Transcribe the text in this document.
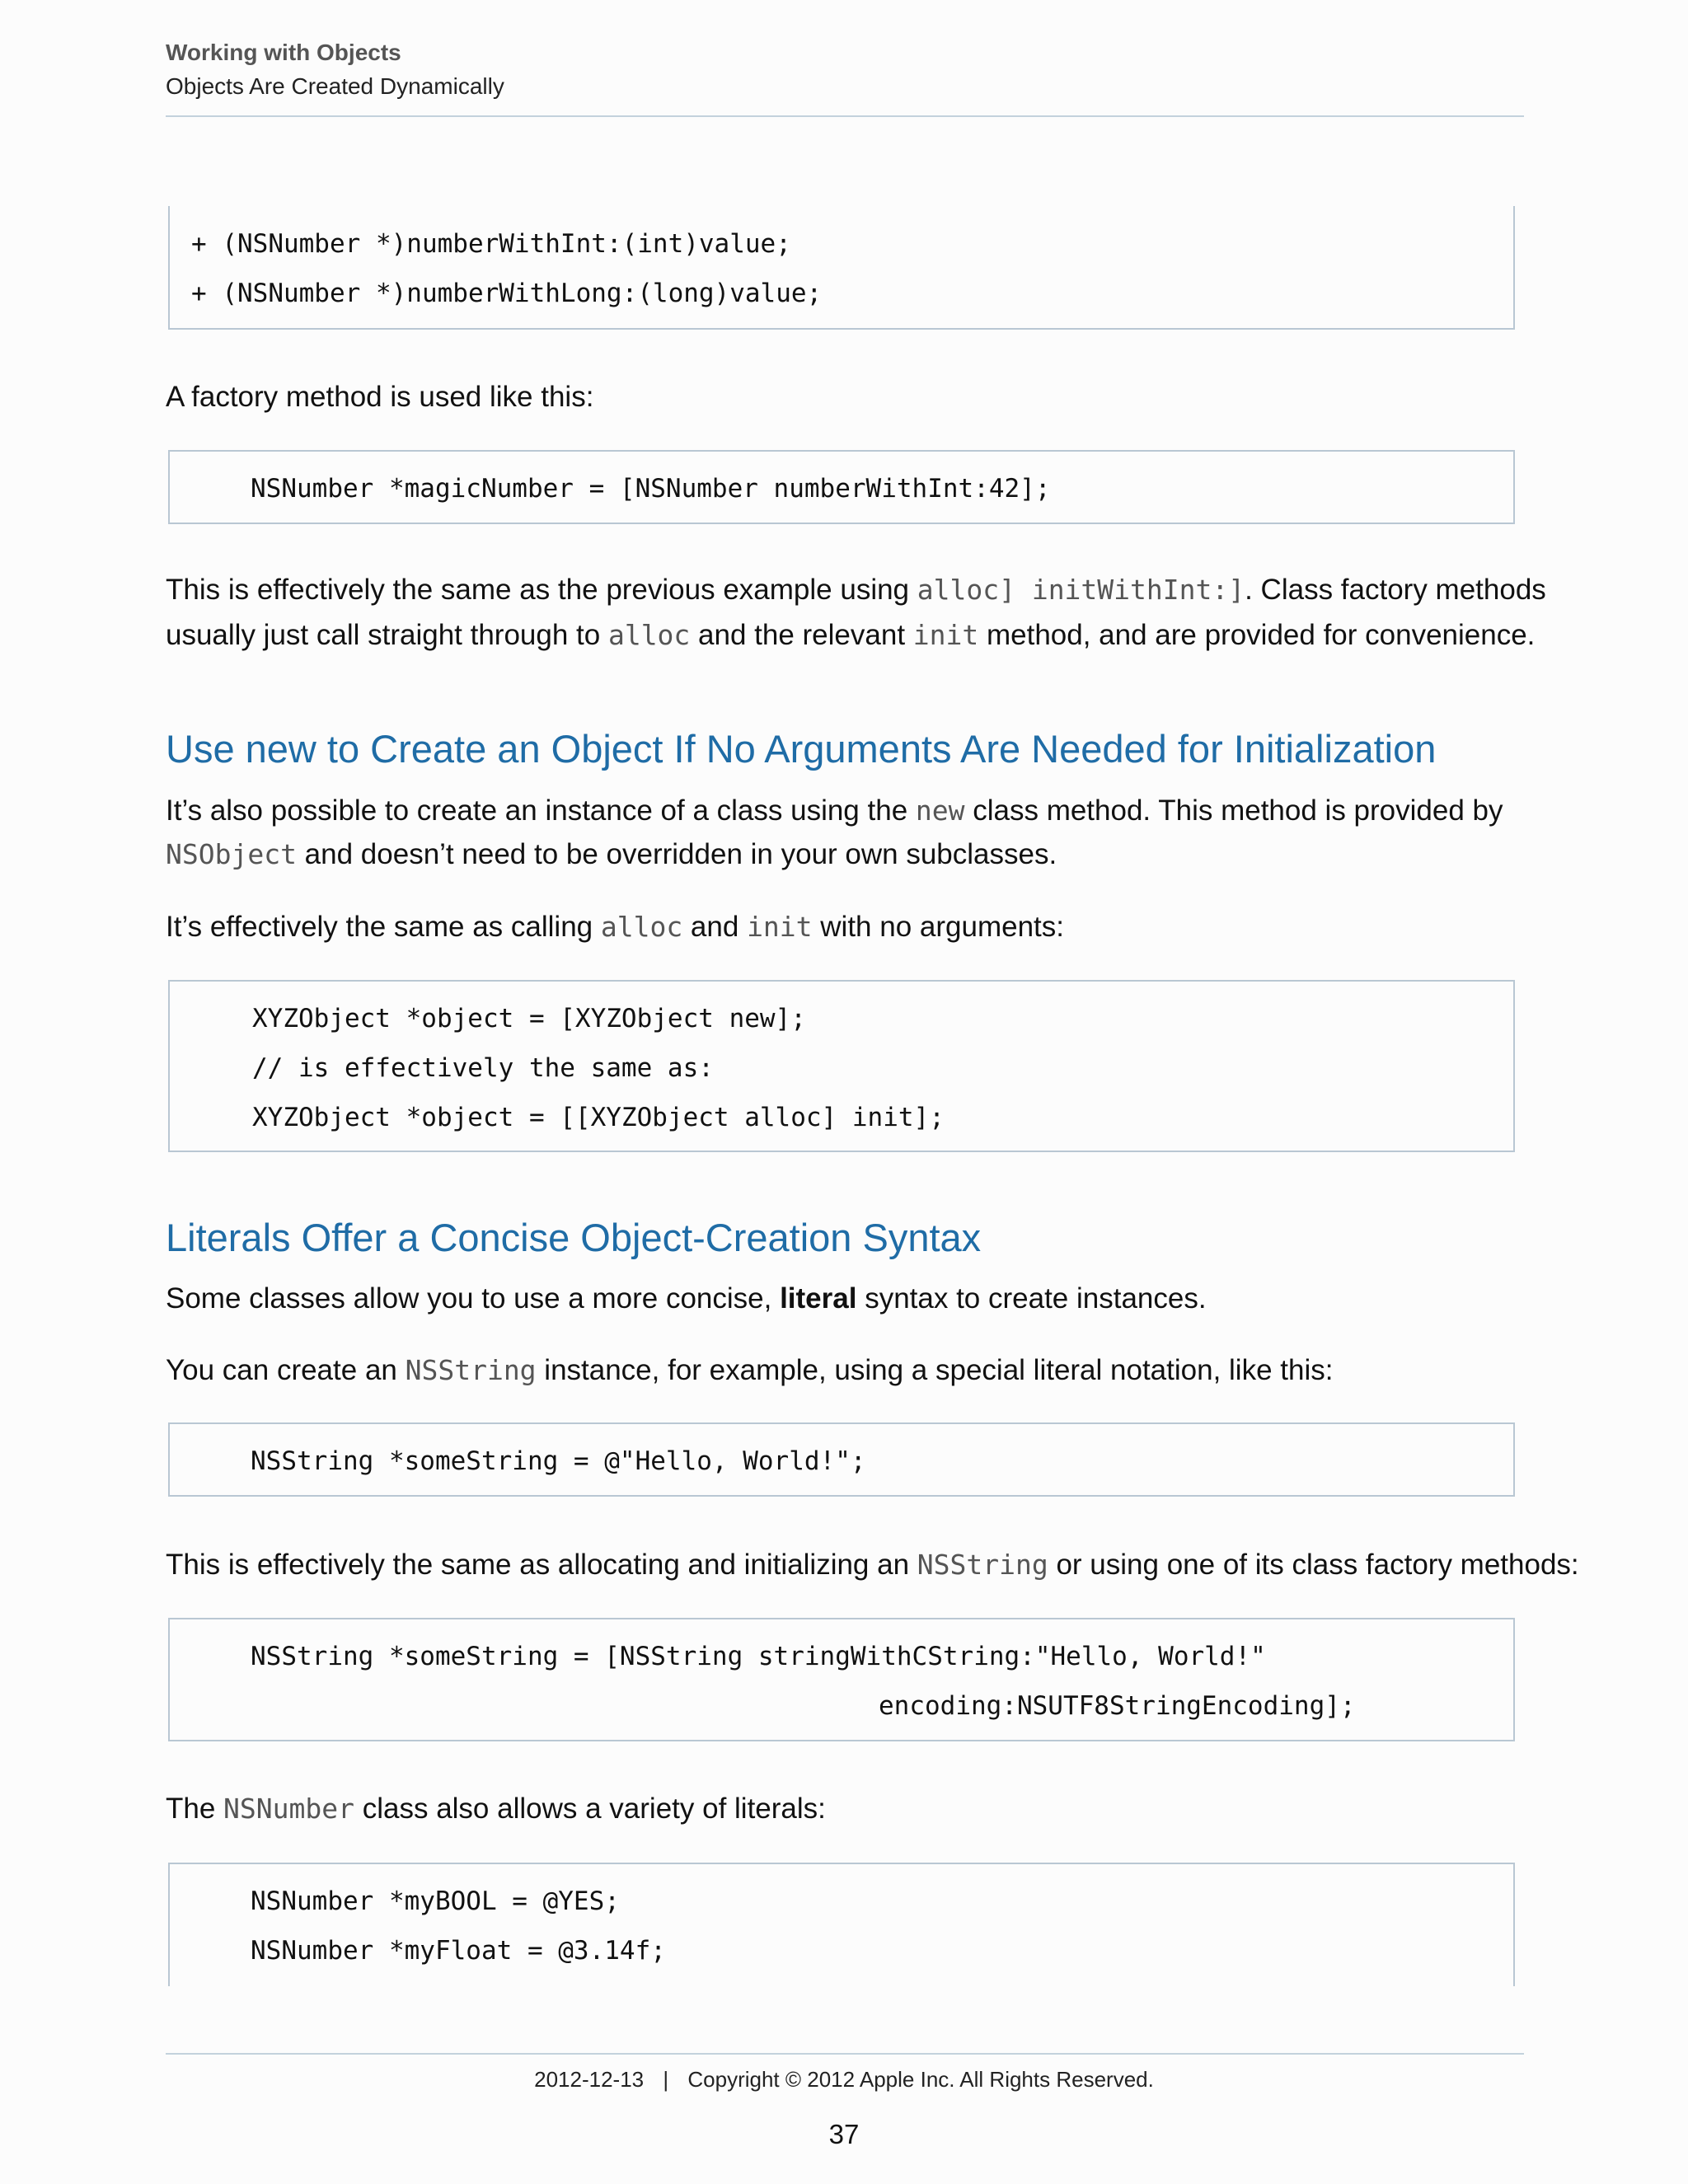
Working with Objects
Objects Are Created Dynamically
+ (NSNumber *)numberWithInt:(int)value;
+ (NSNumber *)numberWithLong:(long)value;
A factory method is used like this:
NSNumber *magicNumber = [NSNumber numberWithInt:42];
This is effectively the same as the previous example using alloc] initWithInt:]. Class factory methods
usually just call straight through to alloc and the relevant init method, and are provided for convenience.
Use new to Create an Object If No Arguments Are Needed for Initialization
It’s also possible to create an instance of a class using the new class method. This method is provided by
NSObject and doesn’t need to be overridden in your own subclasses.
It’s effectively the same as calling alloc and init with no arguments:
XYZObject *object = [XYZObject new];
// is effectively the same as:
XYZObject *object = [[XYZObject alloc] init];
Literals Offer a Concise Object-Creation Syntax
Some classes allow you to use a more concise, literal syntax to create instances.
You can create an NSString instance, for example, using a special literal notation, like this:
NSString *someString = @"Hello, World!";
This is effectively the same as allocating and initializing an NSString or using one of its class factory methods:
NSString *someString = [NSString stringWithCString:"Hello, World!"
encoding:NSUTF8StringEncoding];
The NSNumber class also allows a variety of literals:
NSNumber *myBOOL = @YES;
NSNumber *myFloat = @3.14f;
2012-12-13 | Copyright © 2012 Apple Inc. All Rights Reserved.
37
